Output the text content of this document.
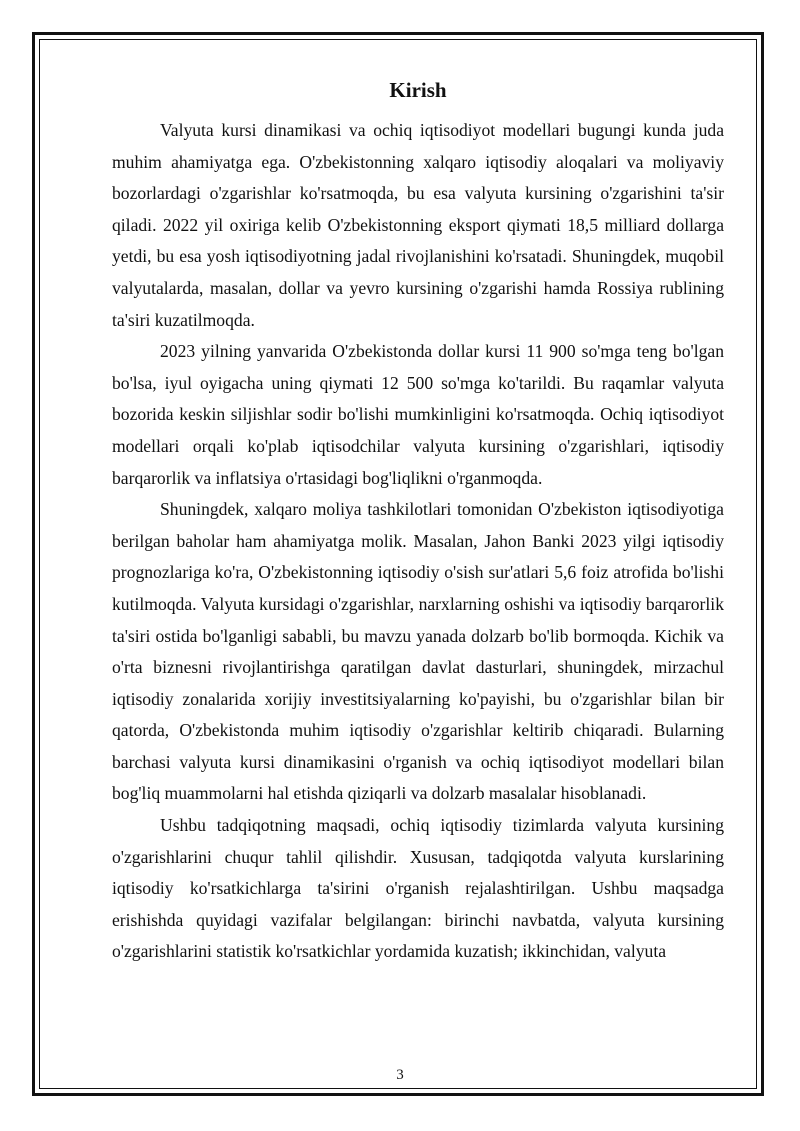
Kirish

Valyuta kursi dinamikasi va ochiq iqtisodiyot modellari bugungi kunda juda muhim ahamiyatga ega. O'zbekistonning xalqaro iqtisodiy aloqalari va moliyaviy bozorlardagi o'zgarishlar ko'rsatmoqda, bu esa valyuta kursining o'zgarishini ta'sir qiladi. 2022 yil oxiriga kelib O'zbekistonning eksport qiymati 18,5 milliard dollarga yetdi, bu esa yosh iqtisodiyotning jadal rivojlanishini ko'rsatadi. Shuningdek, muqobil valyutalarda, masalan, dollar va yevro kursining o'zgarishi hamda Rossiya rublining ta'siri kuzatilmoqda.

2023 yilning yanvarida O'zbekistonda dollar kursi 11 900 so'mga teng bo'lgan bo'lsa, iyul oyigacha uning qiymati 12 500 so'mga ko'tarildi. Bu raqamlar valyuta bozorida keskin siljishlar sodir bo'lishi mumkinligini ko'rsatmoqda. Ochiq iqtisodiyot modellari orqali ko'plab iqtisodchilar valyuta kursining o'zgarishlari, iqtisodiy barqarorlik va inflatsiya o'rtasidagi bog'liqlikni o'rganmoqda.

Shuningdek, xalqaro moliya tashkilotlari tomonidan O'zbekiston iqtisodiyotiga berilgan baholar ham ahamiyatga molik. Masalan, Jahon Banki 2023 yilgi iqtisodiy prognozlariga ko'ra, O'zbekistonning iqtisodiy o'sish sur'atlari 5,6 foiz atrofida bo'lishi kutilmoqda. Valyuta kursidagi o'zgarishlar, narxlarning oshishi va iqtisodiy barqarorlik ta'siri ostida bo'lganligi sababli, bu mavzu yanada dolzarb bo'lib bormoqda. Kichik va o'rta biznesni rivojlantirishga qaratilgan davlat dasturlari, shuningdek, mirzachul iqtisodiy zonalarida xorijiy investitsiyalarning ko'payishi, bu o'zgarishlar bilan bir qatorda, O'zbekistonda muhim iqtisodiy o'zgarishlar keltirib chiqaradi. Bularning barchasi valyuta kursi dinamikasini o'rganish va ochiq iqtisodiyot modellari bilan bog'liq muammolarni hal etishda qiziqarli va dolzarb masalalar hisoblanadi.

Ushbu tadqiqotning maqsadi, ochiq iqtisodiy tizimlarda valyuta kursining o'zgarishlarini chuqur tahlil qilishdir. Xususan, tadqiqotda valyuta kurslarining iqtisodiy ko'rsatkichlarga ta'sirini o'rganish rejalashtirilgan. Ushbu maqsadga erishishda quyidagi vazifalar belgilangan: birinchi navbatda, valyuta kursining o'zgarishlarini statistik ko'rsatkichlar yordamida kuzatish; ikkinchidan, valyuta

3
